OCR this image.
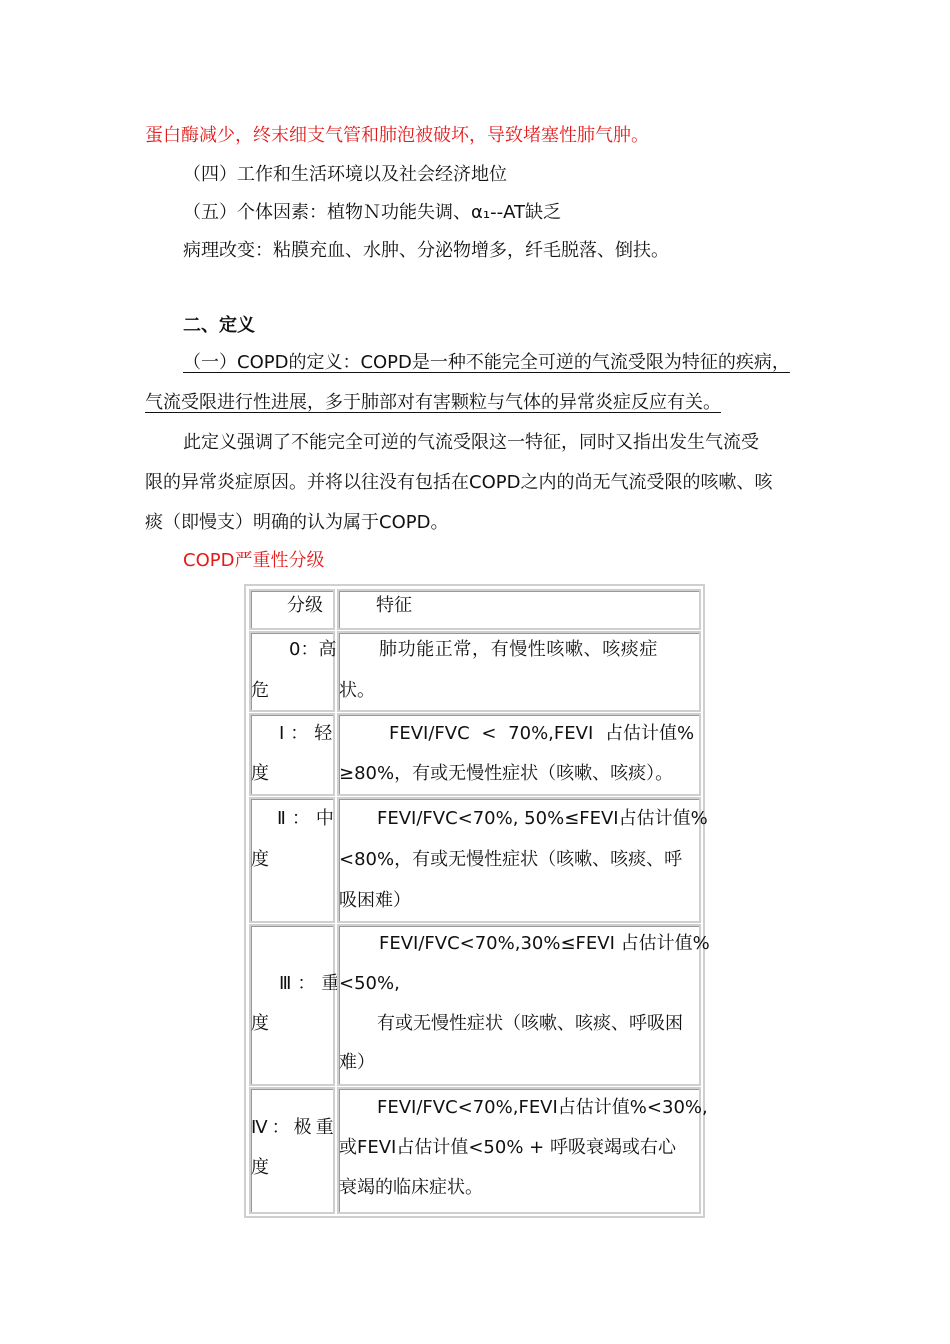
蛋白酶减少，终末细支气管和肺泡被破坏，导致堵塞性肺气肿。
（四）工作和生活环境以及社会经济地位
（五）个体因素：植物Ｎ功能失调、α₁--AT缺乏
病理改变：粘膜充血、水肿、分泌物增多，纤毛脱落、倒扶。
二、定义
（一）COPD的定义：COPD是一种不能完全可逆的气流受限为特征的疾病，
气流受限进行性进展，多于肺部对有害颗粒与气体的异常炎症反应有关。
此定义强调了不能完全可逆的气流受限这一特征，同时又指出发生气流受
限的异常炎症原因。并将以往没有包括在COPD之内的尚无气流受限的咳嗽、咳
痰（即慢支）明确的认为属于COPD。
COPD严重性分级
分级	特征
0：高
危
肺功能正常，有慢性咳嗽、咳痰症
状。
Ⅰ：轻
度
FEVI/FVC < 70%,FEVI 占估计值%
≥80%，有或无慢性症状（咳嗽、咳痰）。
Ⅱ：中
度
FEVI/FVC<70%, 50%≤FEVI占估计值%
<80%，有或无慢性症状（咳嗽、咳痰、呼
吸困难）
Ⅲ：重
度
FEVI/FVC<70%,30%≤FEVI 占估计值%
<50%,
有或无慢性症状（咳嗽、咳痰、呼吸困
难）
Ⅳ：极重
度
FEVI/FVC<70%,FEVI占估计值%<30%,
或FEVI占估计值<50% + 呼吸衰竭或右心
衰竭的临床症状。
